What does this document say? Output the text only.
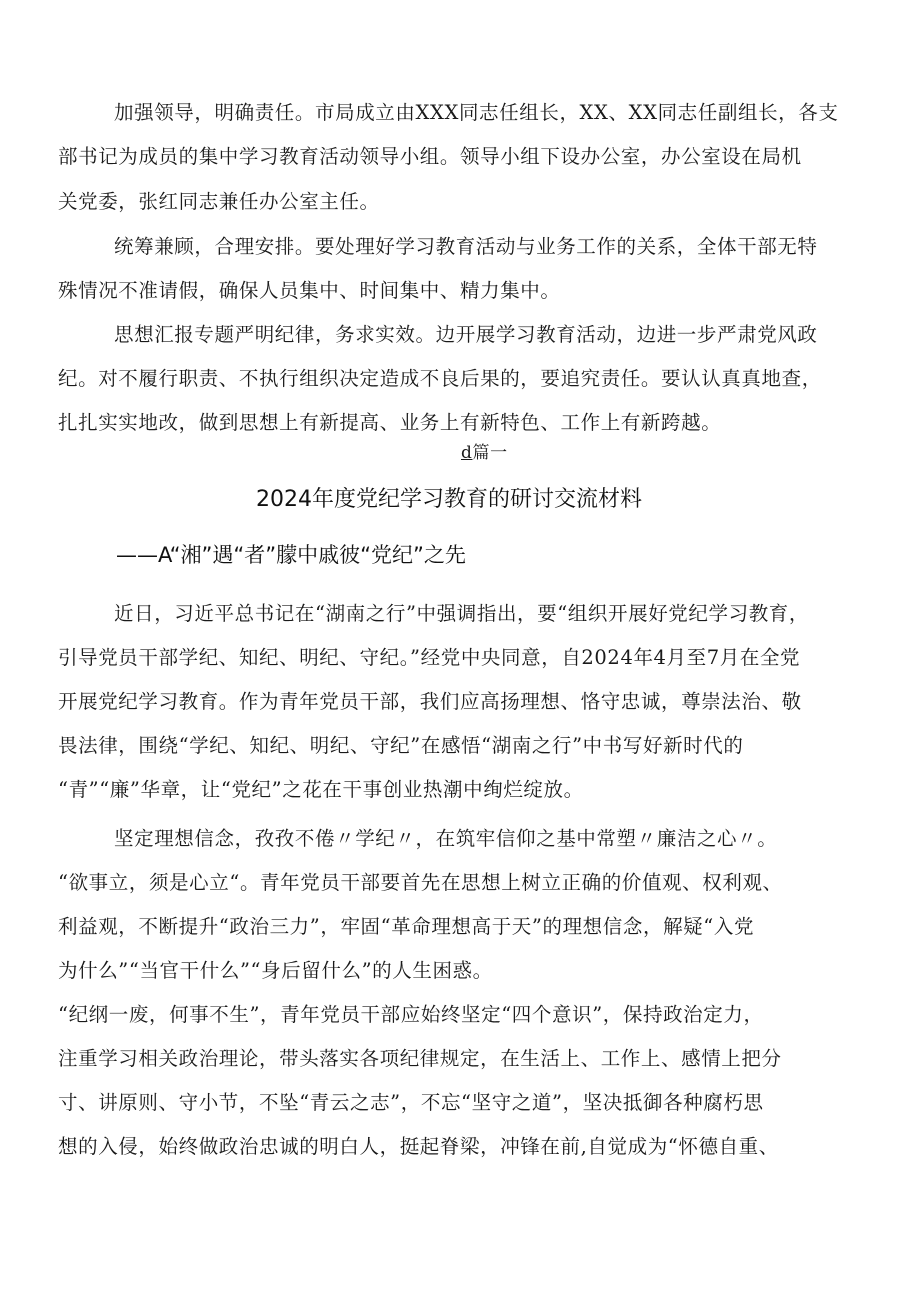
加强领导，明确责任。市局成立由XXX同志任组长，XX、XX同志任副组长，各支
部书记为成员的集中学习教育活动领导小组。领导小组下设办公室，办公室设在局机
关党委，张红同志兼任办公室主任。
统筹兼顾，合理安排。要处理好学习教育活动与业务工作的关系，全体干部无特
殊情况不准请假，确保人员集中、时间集中、精力集中。
思想汇报专题严明纪律，务求实效。边开展学习教育活动，边进一步严肃党风政
纪。对不履行职责、不执行组织决定造成不良后果的，要追究责任。要认认真真地查，
扎扎实实地改，做到思想上有新提高、业务上有新特色、工作上有新跨越。
d篇一
2024年度党纪学习教育的研讨交流材料
——A“湘”遇“者”朦中戚彼“党纪”之先
近日，习近平总书记在“湖南之行”中强调指出，要“组织开展好党纪学习教育，
引导党员干部学纪、知纪、明纪、守纪。”经党中央同意，自2024年4月至7月在全党
开展党纪学习教育。作为青年党员干部，我们应高扬理想、恪守忠诚，尊崇法治、敬
畏法律，围绕“学纪、知纪、明纪、守纪”在感悟“湖南之行”中书写好新时代的
“青”“廉”华章，让“党纪”之花在干事创业热潮中绚烂绽放。
坚定理想信念，孜孜不倦〃学纪〃，在筑牢信仰之基中常塑〃廉洁之心〃。
“欲事立，须是心立“。青年党员干部要首先在思想上树立正确的价值观、权利观、
利益观，不断提升“政治三力”，牢固“革命理想高于天”的理想信念，解疑“入党
为什么”“当官干什么”“身后留什么”的人生困惑。
“纪纲一废，何事不生”，青年党员干部应始终坚定“四个意识”，保持政治定力，
注重学习相关政治理论，带头落实各项纪律规定，在生活上、工作上、感情上把分
寸、讲原则、守小节，不坠“青云之志”，不忘“坚守之道”，坚决抵御各种腐朽思
想的入侵，始终做政治忠诚的明白人，挺起脊梁，冲锋在前,自觉成为“怀德自重、
